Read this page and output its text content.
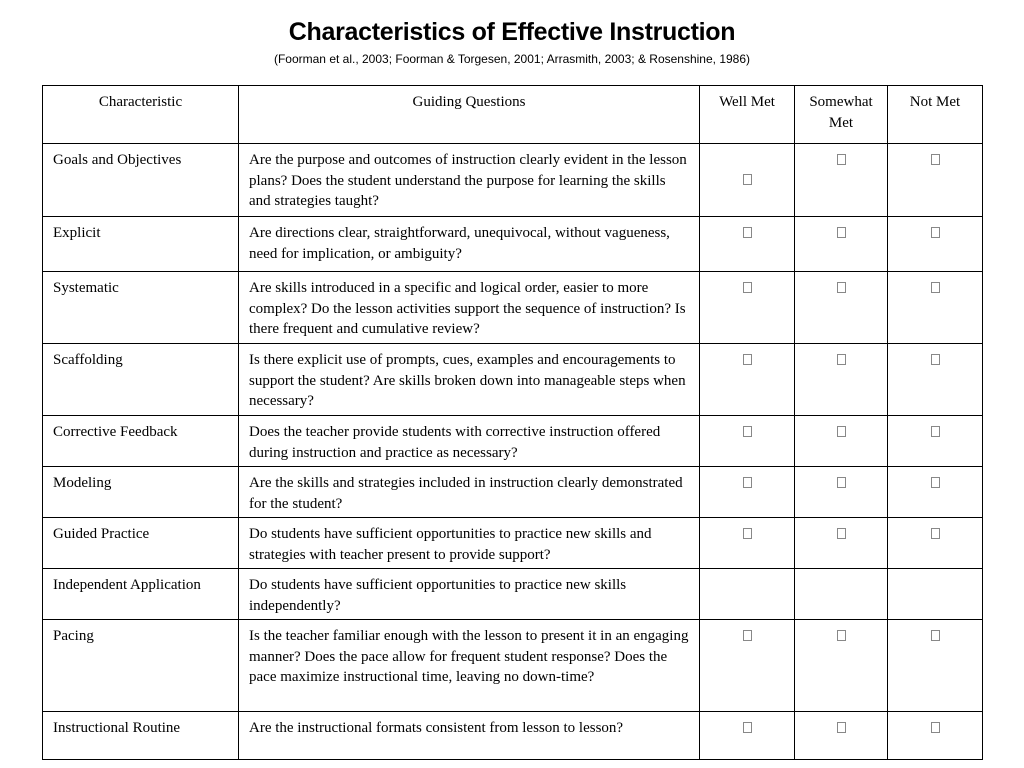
Characteristics of Effective Instruction
(Foorman et al., 2003; Foorman & Torgesen, 2001; Arrasmith, 2003; & Rosenshine, 1986)
Characteristic	Guiding Questions	Well Met	Somewhat Met	Not Met
Goals and Objectives	Are the purpose and outcomes of instruction clearly evident in the lesson plans? Does the student understand the purpose for learning the skills and strategies taught?			
Explicit	Are directions clear, straightforward, unequivocal, without vagueness, need for implication, or ambiguity?			
Systematic	Are skills introduced in a specific and logical order, easier to more complex? Do the lesson activities support the sequence of instruction? Is there frequent and cumulative review?			
Scaffolding	Is there explicit use of prompts, cues, examples and encouragements to support the student? Are skills broken down into manageable steps when necessary?			
Corrective Feedback	Does the teacher provide students with corrective instruction offered during instruction and practice as necessary?			
Modeling	Are the skills and strategies included in instruction clearly demonstrated for the student?			
Guided Practice	Do students have sufficient opportunities to practice new skills and strategies with teacher present to provide support?			
Independent Application	Do students have sufficient opportunities to practice new skills independently?			
Pacing	Is the teacher familiar enough with the lesson to present it in an engaging manner? Does the pace allow for frequent student response? Does the pace maximize instructional time, leaving no down-time?			
Instructional Routine	Are the instructional formats consistent from lesson to lesson?			
